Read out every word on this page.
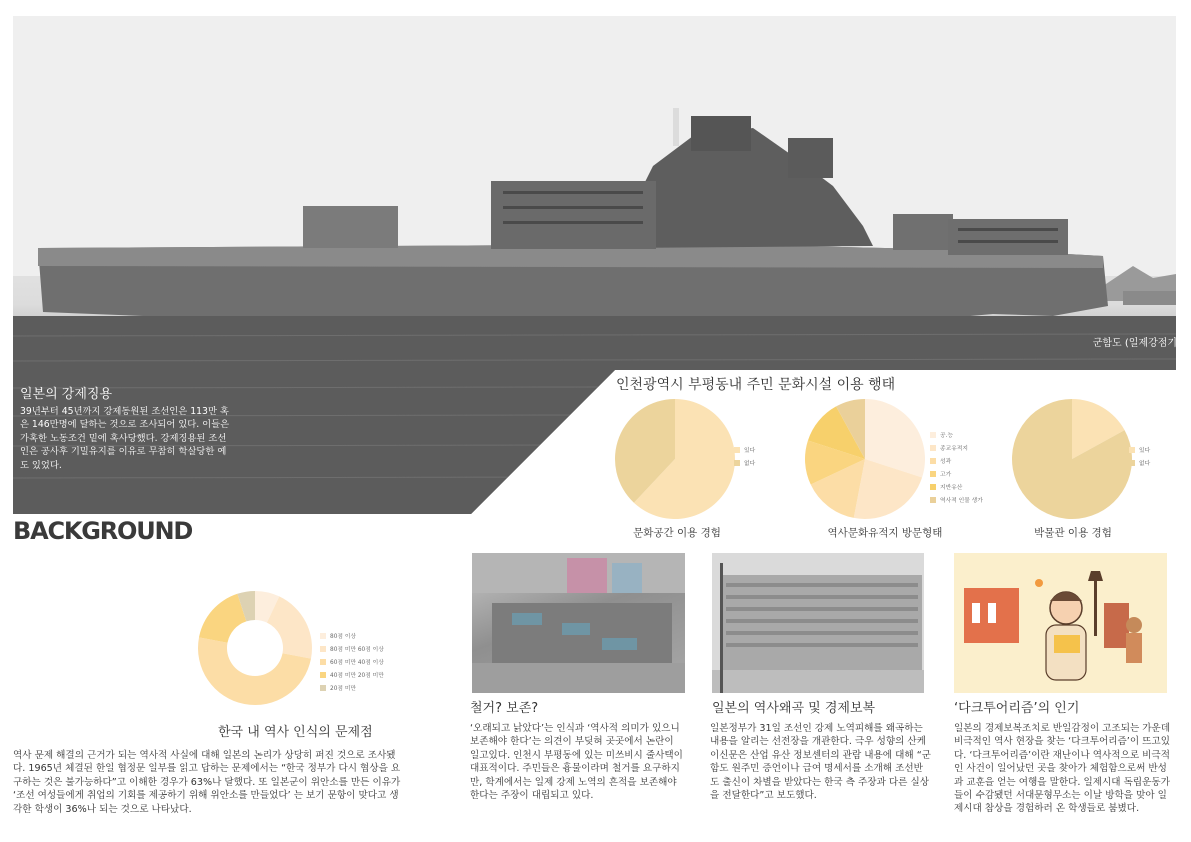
군함도 (일제강점기)
일본의 강제징용
39년부터 45년까지 강제동원된 조선인은 113만 혹은 146만명에 달하는 것으로 조사되어 있다. 이들은 가혹한 노동조건 밑에 혹사당했다. 강제징용된 조선인은 공사후 기밀유지를 이유로 무참히 학살당한 예도 있었다.
BACKGROUND
인천광역시 부평동내 주민 문화시설 이용 행태
있다
없다
공.능
종교유적지
성곽
고가
지반유산
역사적 인물 생가
있다
없다
80점 이상
80점 미만 60점 이상
60점 미만 40점 이상
40점 미만 20점 미만
20점 미만
문화공간 이용 경험	역사문화유적지 방문형태	박물관 이용 경험
한국 내 역사 인식의 문제점
역사 문제 해결의 근거가 되는 역사적 사실에 대해 일본의 논리가 상당히 퍼진 것으로 조사됐다. 1965년 체결된 한일 협정문 일부를 읽고 답하는 문제에서는 “한국 정부가 다시 협상을 요구하는 것은 불가능하다”고 이해한 경우가 63%나 달했다. 또 일본군이 위안소를 만든 이유가 ‘조선 여성들에게 취업의 기회를 제공하기 위해 위안소를 만들었다’ 는 보기 문항이 맞다고 생각한 학생이 36%나 되는 것으로 나타났다.
철거? 보존?
‘오래되고 낡았다’는 인식과 ‘역사적 의미가 있으니 보존해야 한다’는 의견이 부딪혀 곳곳에서 논란이 일고있다. 인천시 부평동에 있는 미쓰비시 줄사택이 대표적이다. 주민들은 흉물이라며 철거를 요구하지만, 학계에서는 일제 강제 노역의 흔적을 보존해야 한다는 주장이 대립되고 있다.
일본의 역사왜곡 및 경제보복
일본정부가 31일 조선인 강제 노역피해를 왜곡하는 내용을 알리는 선전장을 개관한다. 극우 성향의 산케이신문은 산업 유산 정보센터의 관람 내용에 대해 “군함도 원주민 증언이나 급여 명세서를 소개해 조선반도 출신이 차별을 받았다는 한국 측 주장과 다른 실상을 전달한다”고 보도했다.
‘다크투어리즘’의 인기
일본의 경제보복조치로 반일감정이 고조되는 가운데 비극적인 역사 현장을 찾는 ‘다크투어리즘’이 뜨고있다. ‘다크투어리즘’이란 재난이나 역사적으로 비극적인 사건이 일어났던 곳을 찾아가 체험함으로써 반성과 교훈을 얻는 여행을 말한다. 일제시대 독립운동가들이 수감됐던 서대문형무소는 이날 방학을 맞아 일제시대 참상을 경험하러 온 학생들로 붐볐다.
